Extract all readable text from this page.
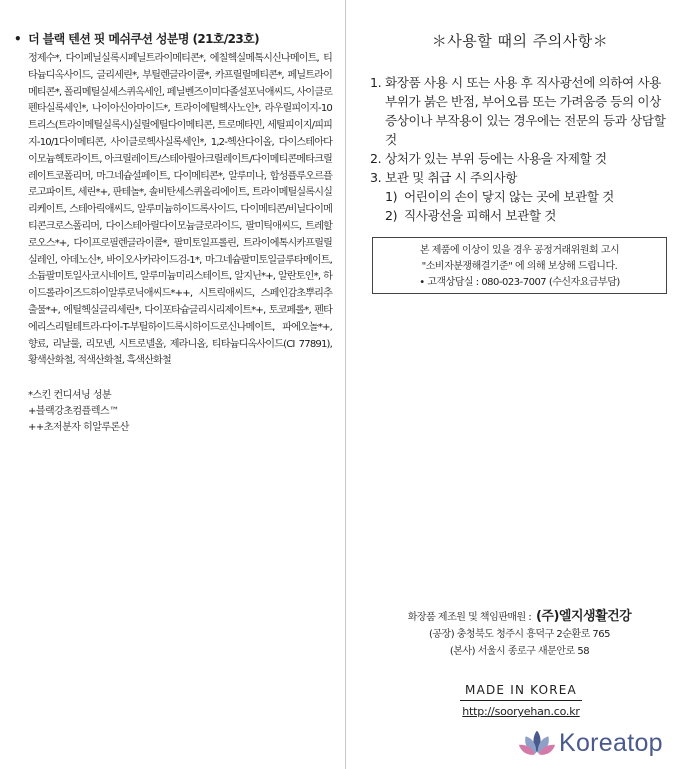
• 더 블랙 텐션 핏 메쉬쿠션 성분명 (21호/23호)

정제수*, 다이페닐실록시페닐트라이메티콘*, 에칠헥실메톡시신나메이트, 티타늄디옥사이드, 글리세린*, 부틸렌글라이콜*, 카프릴릴메티콘*, 페닐트라이메티콘*, 폴리메틸실세스퀴옥세인, 페닐벤즈이미다졸설포닉애씨드, 사이클로펜타실록세인*, 나이아신아마이드*, 트라이에틸헥사노인*, 라우릴피이지-10트리스(트라이메틸실록시)실릴에틸다이메티콘, 트로메타민, 세틸피이지/피피지-10/1다이메티콘, 사이클로헥사실록세인*, 1,2-헥산다이올, 다이스테아다이모늄헥토라이트, 아크릴레이트/스테아릴아크릴레이트/다이메티콘메타크릴레이트코폴리머, 마그네슘설페이트, 다이메티콘*, 알루미나, 합성플루오르플로고파이트, 세린*+, 판테놀*, 솔비탄세스퀴올리에이트, 트라이메틸실록시실리케이트, 스테아릭애씨드, 알루미늄하이드록사이드, 다이메티콘/비닐다이메티콘크로스폴리머, 다이스테아릴다이모늄클로라이드, 팔미틱애씨드, 트레할로오스*+, 다이프로필렌글라이콜*, 팔미토일프롤린, 트라이에톡시카프릴릴실레인, 아데노신*, 바이오사카라이드검-1*, 마그네슘팔미토일글루타메이트, 소듐팔미토일사코시네이트, 알루미늄미리스테이트, 알지닌*+, 알란토인*, 하이드롤라이즈드하이알루로닉애씨드*++, 시트릭애씨드, 스페인감초뿌리추출물*+, 에틸헥실글리세린*, 다이포타슘글리시리제이트*+, 토코페롤*, 펜타에리스리틸테트라-다이-T-부틸하이드록시하이드로신나메이트, 파에오놀*+, 향료, 리날룰, 리모넨, 시트로넬올, 제라니올, 티타늄디옥사이드(CI 77891), 황색산화철, 적색산화철, 흑색산화철

*스킨 컨디셔닝 성분
+블랙강초컴플렉스™
++초저분자 히알루론산
＊사용할 때의 주의사항＊
1. 화장품 사용 시 또는 사용 후 직사광선에 의하여 사용부위가 붉은 반점, 부어오름 또는 가려움증 등의 이상 증상이나 부작용이 있는 경우에는 전문의 등과 상담할 것
2. 상처가 있는 부위 등에는 사용을 자제할 것
3. 보관 및 취급 시 주의사항
1) 어린이의 손이 닿지 않는 곳에 보관할 것
2) 직사광선을 피해서 보관할 것
본 제품에 이상이 있을 경우 공정거래위원회 고시
"소비자분쟁해결기준" 에 의해 보상해 드립니다.
• 고객상담실 : 080-023-7007 (수신자요금부담)
화장품 제조원 및 책임판매원 : (주)엘지생활건강
(공장) 충청북도 청주시 흥덕구 2순환로 765
(본사) 서울시 종로구 새문안로 58
MADE IN KOREA
http://sooryehan.co.kr
Koreatop
